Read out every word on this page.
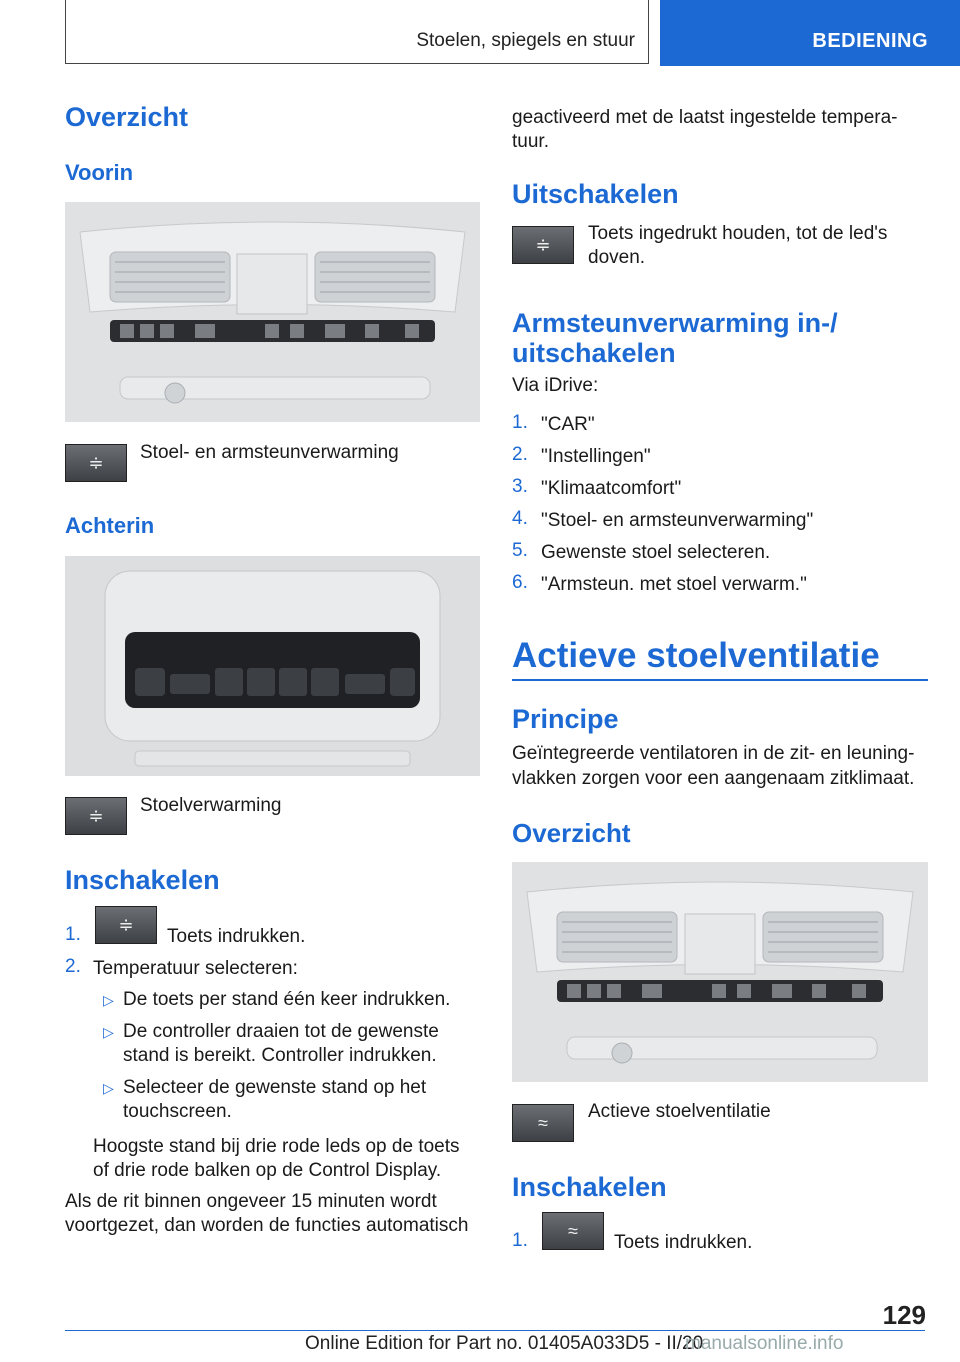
Stoelen, spiegels en stuur	BEDIENING
Overzicht
Voorin
≑	Stoel- en armsteunverwarming
Achterin
≑	Stoelverwarming
Inschakelen
1.	≑
Toets indrukken.
2. Temperatuur selecteren:
▷ De toets per stand één keer indrukken.
▷ De controller draaien tot de gewenste
stand is bereikt. Controller indrukken.
▷ Selecteer de gewenste stand op het
touchscreen.
Hoogste stand bij drie rode leds op de toets
of drie rode balken op de Control Display.
Als de rit binnen ongeveer 15 minuten wordt
voortgezet, dan worden de functies automatisch
geactiveerd met de laatst ingestelde tempera-
tuur.
Uitschakelen
≑
Toets ingedrukt houden, tot de led's
doven.
Armsteunverwarming in-/
uitschakelen
Via iDrive:
1. "CAR"
2. "Instellingen"
3. "Klimaatcomfort"
4. "Stoel- en armsteunverwarming"
5. Gewenste stoel selecteren.
6. "Armsteun. met stoel verwarm."
Actieve stoelventilatie
Principe
Geïntegreerde ventilatoren in de zit- en leuning-
vlakken zorgen voor een aangenaam zitklimaat.
Overzicht
≈
Actieve stoelventilatie
Inschakelen
1.	≈
Toets indrukken.
129
Online Edition for Part no. 01405A033D5 - II/20
manualsonline.info
